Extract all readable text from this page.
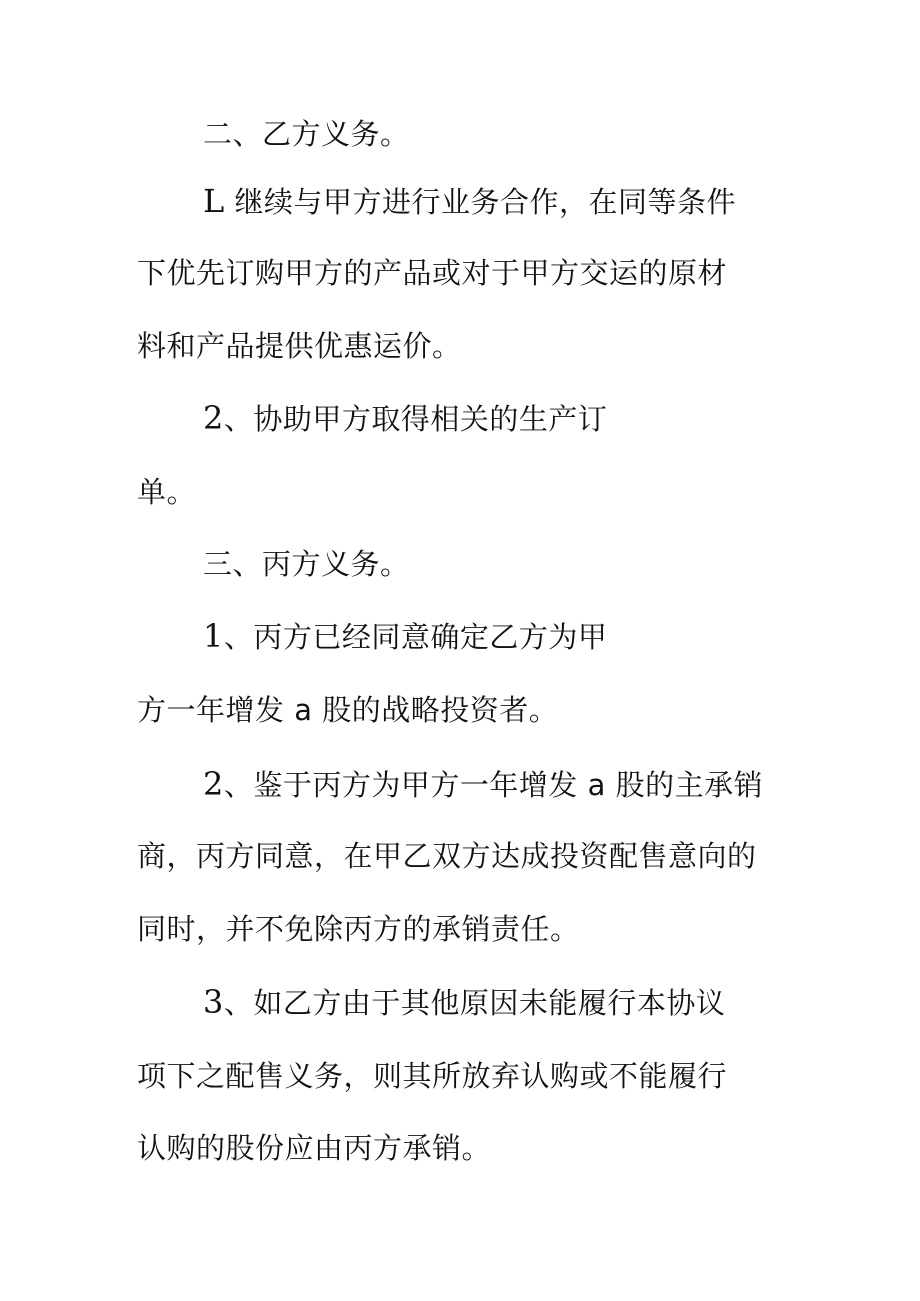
二、乙方义务。
L 继续与甲方进行业务合作，在同等条件
下优先订购甲方的产品或对于甲方交运的原材
料和产品提供优惠运价。
2、协助甲方取得相关的生产订
单。
三、丙方义务。
1、丙方已经同意确定乙方为甲
方一年增发 a 股的战略投资者。
2、鉴于丙方为甲方一年增发 a 股的主承销
商，丙方同意，在甲乙双方达成投资配售意向的
同时，并不免除丙方的承销责任。
3、如乙方由于其他原因未能履行本协议
项下之配售义务，则其所放弃认购或不能履行
认购的股份应由丙方承销。
